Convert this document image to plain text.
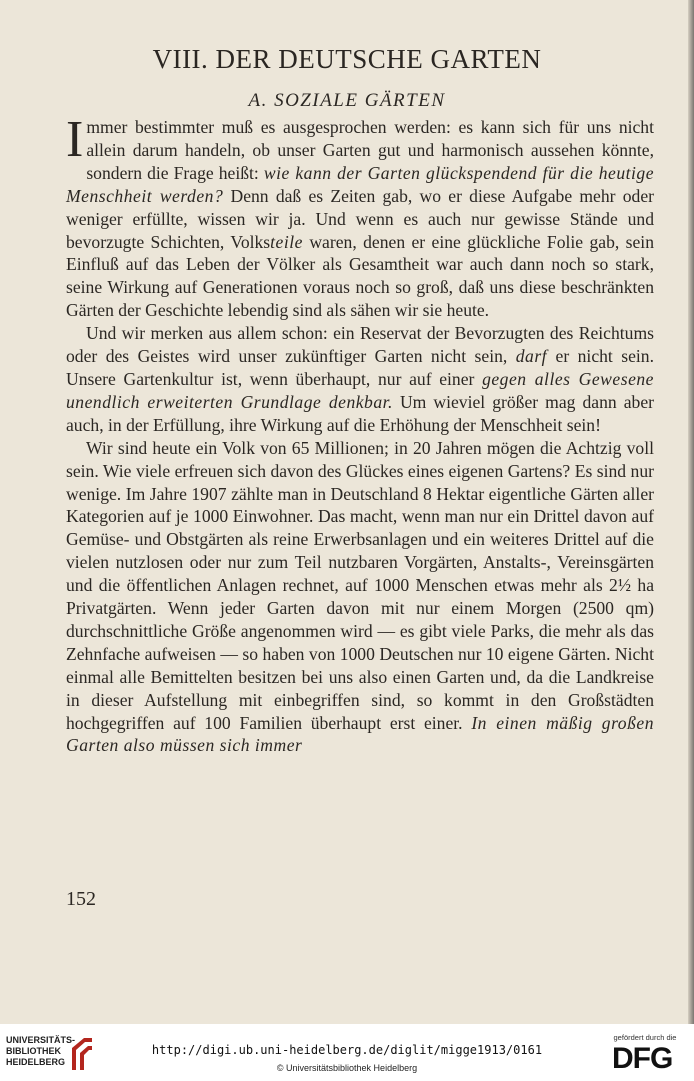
VIII. DER DEUTSCHE GARTEN
A. SOZIALE GÄRTEN

Immer bestimmter muß es ausgesprochen werden: es kann sich für uns nicht allein darum handeln, ob unser Garten gut und harmonisch aussehen könnte, sondern die Frage heißt: wie kann der Garten glückspendend für die heutige Menschheit werden? Denn daß es Zeiten gab, wo er diese Aufgabe mehr oder weniger erfüllte, wissen wir ja. Und wenn es auch nur gewisse Stände und bevorzugte Schichten, Volksteile waren, denen er eine glückliche Folie gab, sein Einfluß auf das Leben der Völker als Gesamtheit war auch dann noch so stark, seine Wirkung auf Generationen voraus noch so groß, daß uns diese beschränkten Gärten der Geschichte lebendig sind als sähen wir sie heute.

Und wir merken aus allem schon: ein Reservat der Bevorzugten des Reichtums oder des Geistes wird unser zukünftiger Garten nicht sein, darf er nicht sein. Unsere Gartenkultur ist, wenn überhaupt, nur auf einer gegen alles Gewesene unendlich erweiterten Grundlage denkbar. Um wieviel größer mag dann aber auch, in der Erfüllung, ihre Wirkung auf die Erhöhung der Menschheit sein!

Wir sind heute ein Volk von 65 Millionen; in 20 Jahren mögen die Achtzig voll sein. Wie viele erfreuen sich davon des Glückes eines eigenen Gartens? Es sind nur wenige. Im Jahre 1907 zählte man in Deutschland 8 Hektar eigentliche Gärten aller Kategorien auf je 1000 Einwohner. Das macht, wenn man nur ein Drittel davon auf Gemüse- und Obstgärten als reine Erwerbsanlagen und ein weiteres Drittel auf die vielen nutzlosen oder nur zum Teil nutzbaren Vorgärten, Anstalts-, Vereinsgärten und die öffentlichen Anlagen rechnet, auf 1000 Menschen etwas mehr als 2½ ha Privatgärten. Wenn jeder Garten davon mit nur einem Morgen (2500 qm) durchschnittliche Größe angenommen wird — es gibt viele Parks, die mehr als das Zehnfache aufweisen — so haben von 1000 Deutschen nur 10 eigene Gärten. Nicht einmal alle Bemittelten besitzen bei uns also einen Garten und, da die Landkreise in dieser Aufstellung mit einbegriffen sind, so kommt in den Großstädten hochgegriffen auf 100 Familien überhaupt erst einer. In einen mäßig großen Garten also müssen sich immer

152
UNIVERSITÄTS-
BIBLIOTHEK
HEIDELBERG
http://digi.ub.uni-heidelberg.de/diglit/migge1913/0161
© Universitätsbibliothek Heidelberg
gefördert durch die
DFG
